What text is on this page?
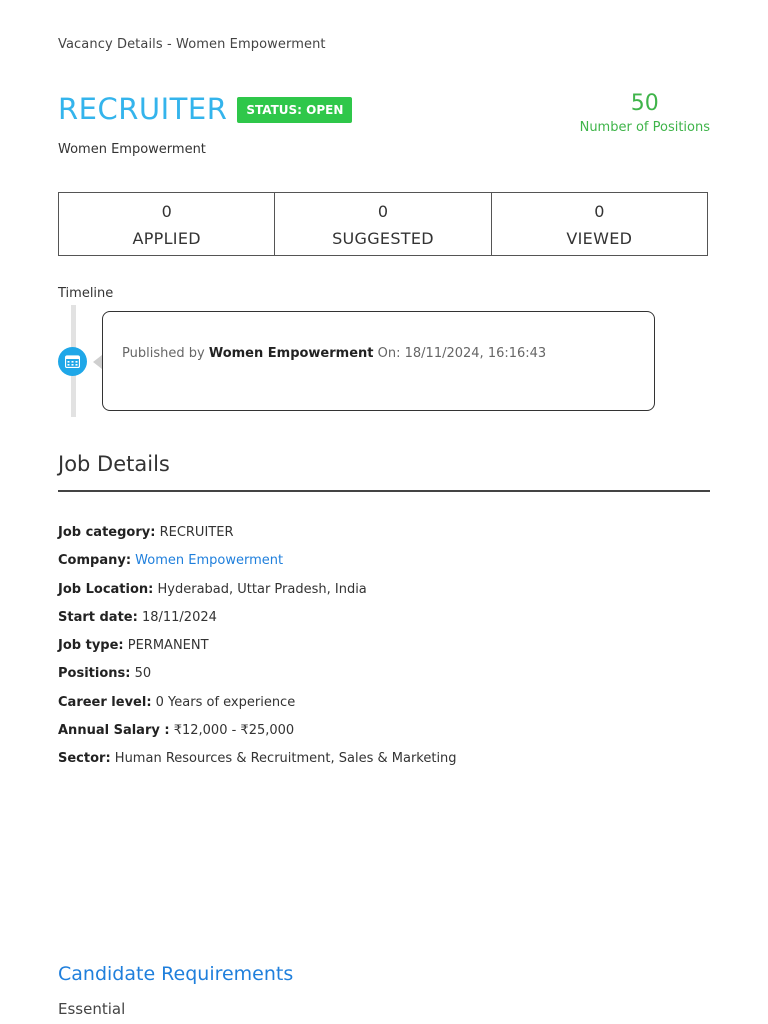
Vacancy Details - Women Empowerment
RECRUITER	STATUS: OPEN
Women Empowerment
50
Number of Positions
0
APPLIED
0
SUGGESTED
0
VIEWED
Timeline
Published by Women Empowerment On: 18/11/2024, 16:16:43
Job Details
Job category: RECRUITER
Company: Women Empowerment
Job Location: Hyderabad, Uttar Pradesh, India
Start date: 18/11/2024
Job type: PERMANENT
Positions: 50
Career level: 0 Years of experience
Annual Salary : ₹12,000 - ₹25,000
Sector: Human Resources & Recruitment, Sales & Marketing
Candidate Requirements
Essential
